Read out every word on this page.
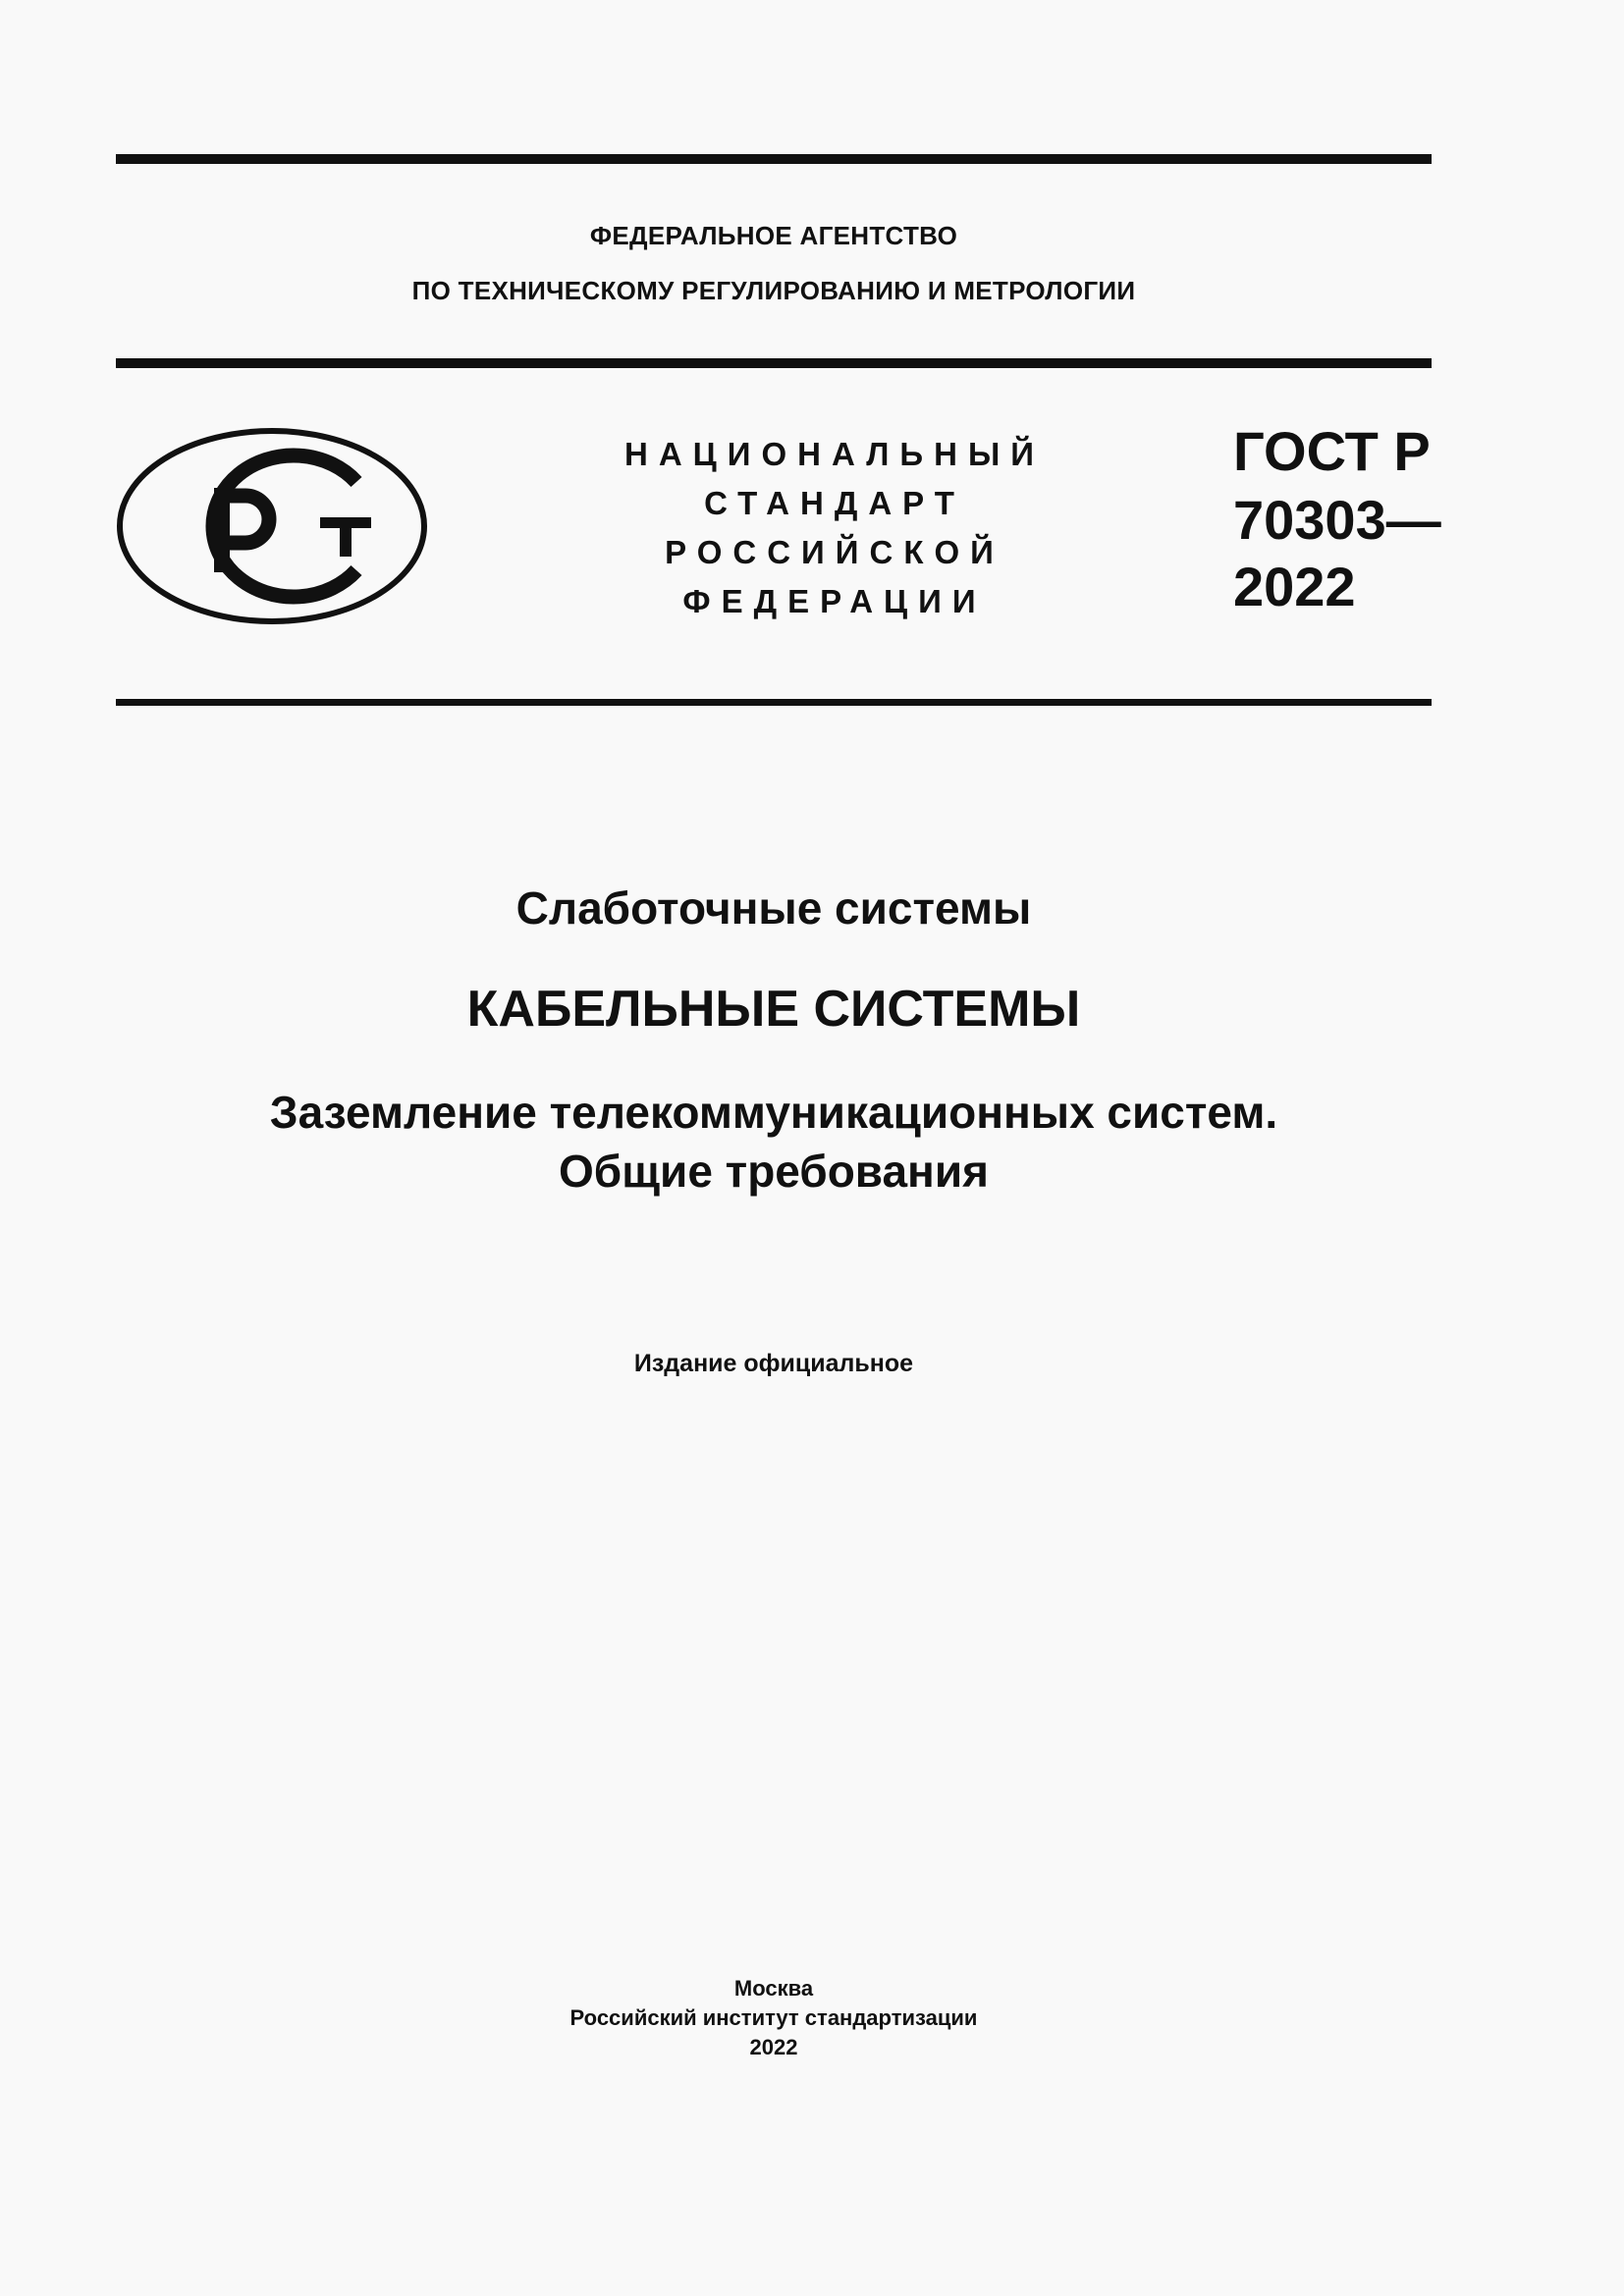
ФЕДЕРАЛЬНОЕ АГЕНТСТВО
ПО ТЕХНИЧЕСКОМУ РЕГУЛИРОВАНИЮ И МЕТРОЛОГИИ
НАЦИОНАЛЬНЫЙ
СТАНДАРТ
РОССИЙСКОЙ
ФЕДЕРАЦИИ
ГОСТ Р
70303—
2022
Слаботочные системы
КАБЕЛЬНЫЕ СИСТЕМЫ
Заземление телекоммуникационных систем.
Общие требования
Издание официальное
Москва
Российский институт стандартизации
2022
